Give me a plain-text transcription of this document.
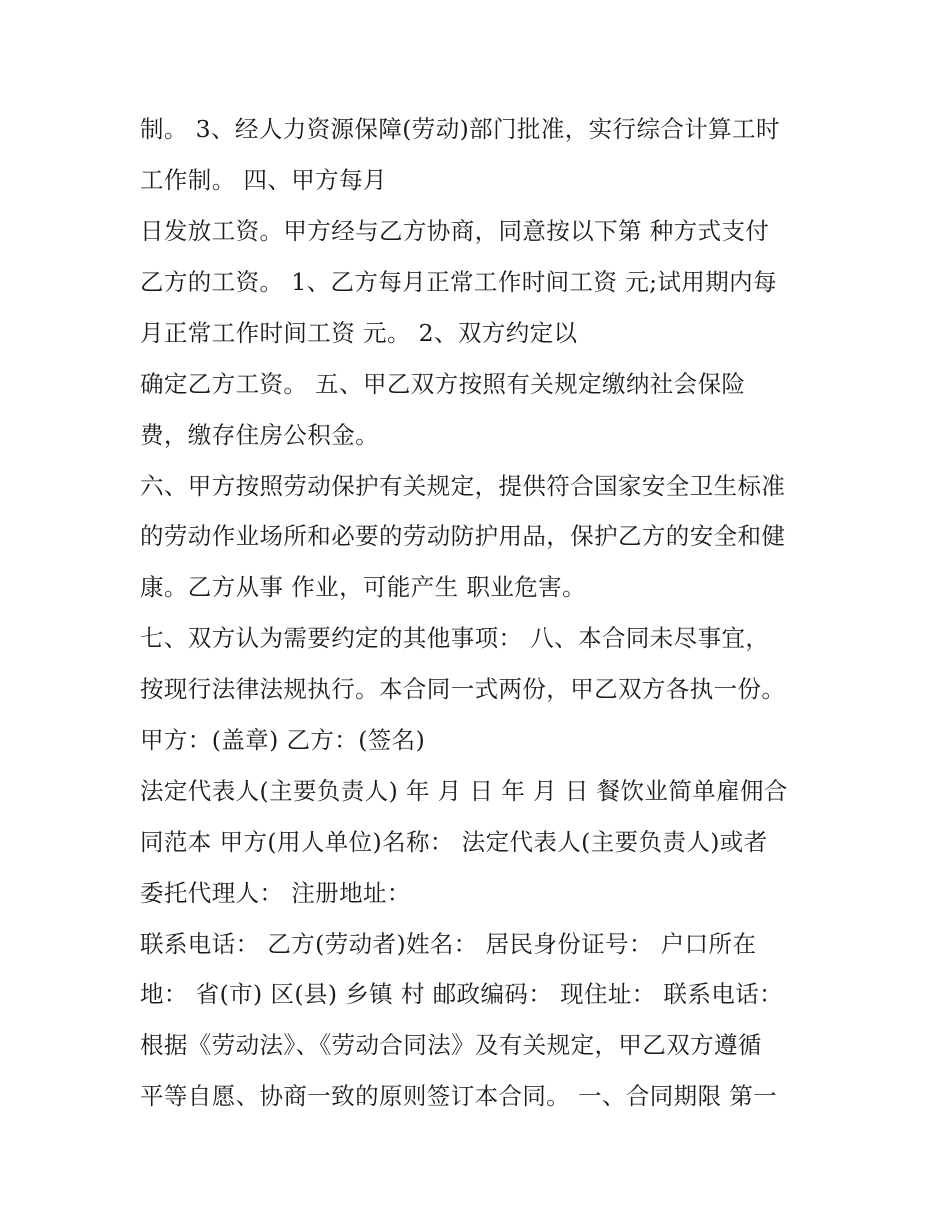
制。 3、经人力资源保障(劳动)部门批准，实行综合计算工时
工作制。 四、甲方每月
日发放工资。甲方经与乙方协商，同意按以下第 种方式支付
乙方的工资。 1、乙方每月正常工作时间工资 元;试用期内每
月正常工作时间工资 元。 2、双方约定以
确定乙方工资。 五、甲乙双方按照有关规定缴纳社会保险
费，缴存住房公积金。
六、甲方按照劳动保护有关规定，提供符合国家安全卫生标准
的劳动作业场所和必要的劳动防护用品，保护乙方的安全和健
康。乙方从事 作业，可能产生 职业危害。
七、双方认为需要约定的其他事项： 八、本合同未尽事宜，
按现行法律法规执行。本合同一式两份，甲乙双方各执一份。
甲方：(盖章) 乙方：(签名)
法定代表人(主要负责人) 年 月 日 年 月 日 餐饮业简单雇佣合
同范本 甲方(用人单位)名称： 法定代表人(主要负责人)或者
委托代理人： 注册地址：
联系电话： 乙方(劳动者)姓名： 居民身份证号： 户口所在
地： 省(市) 区(县) 乡镇 村 邮政编码： 现住址： 联系电话：
根据《劳动法》、《劳动合同法》及有关规定，甲乙双方遵循
平等自愿、协商一致的原则签订本合同。 一、合同期限 第一
